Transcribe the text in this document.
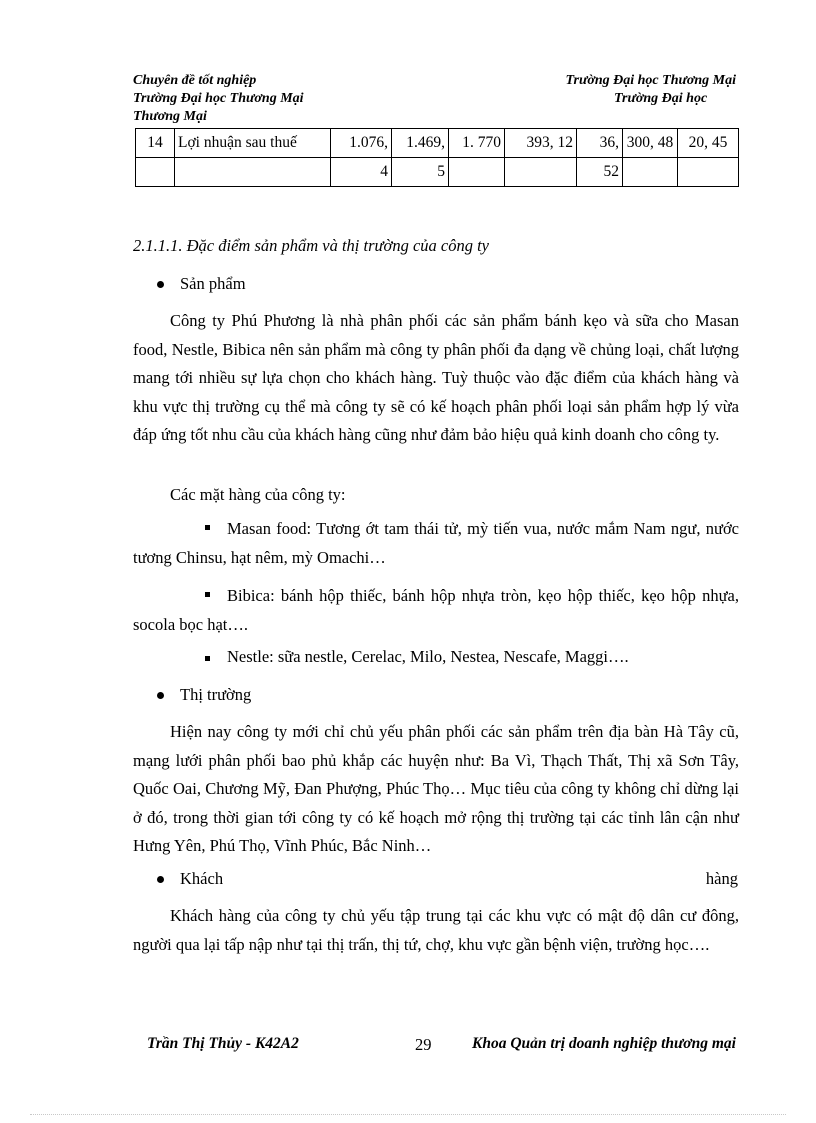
Chuyên đề tốt nghiệp
Trường Đại học Thương Mại
Thương Mại
Trường Đại học Thương Mại
Trường Đại học
14	Lợi nhuận sau thuế	1.076,	1.469,	1. 770	393, 12	36,	300, 48	20, 45
		4	5			52		
2.1.1.1. Đặc điểm sản phẩm và thị trường của công ty
Sản phẩm
Công ty Phú Phương là nhà phân phối các sản phẩm bánh kẹo và sữa cho Masan food, Nestle, Bibica nên sản phẩm mà công ty phân phối đa dạng về chủng loại, chất lượng mang tới nhiều sự lựa chọn cho khách hàng. Tuỳ thuộc vào đặc điểm của khách hàng và khu vực thị trường cụ thể mà công ty sẽ có kế hoạch phân phối loại sản phẩm hợp lý vừa đáp ứng tốt nhu cầu của khách hàng cũng như đảm bảo hiệu quả kinh doanh cho công ty.
Các mặt hàng của công ty:
Masan food: Tương ớt tam thái tử, mỳ tiến vua, nước mắm Nam ngư, nước tương Chinsu, hạt nêm, mỳ Omachi…
Bibica: bánh hộp thiếc, bánh hộp nhựa tròn, kẹo hộp thiếc, kẹo hộp nhựa, socola bọc hạt….
Nestle: sữa nestle, Cerelac, Milo, Nestea, Nescafe, Maggi….
Thị trường
Hiện nay công ty mới chỉ chủ yếu phân phối các sản phẩm trên địa bàn Hà Tây cũ, mạng lưới phân phối bao phủ khắp các huyện như: Ba Vì, Thạch Thất, Thị xã Sơn Tây, Quốc Oai, Chương Mỹ, Đan Phượng, Phúc Thọ… Mục tiêu của công ty không chỉ dừng lại ở đó, trong thời gian tới công ty có kế hoạch mở rộng thị trường tại các tỉnh lân cận như Hưng Yên, Phú Thọ, Vĩnh Phúc, Bắc Ninh…
Khách	hàng
Khách hàng của công ty chủ yếu tập trung tại các khu vực có mật độ dân cư đông, người qua lại tấp nập như tại thị trấn, thị tứ, chợ, khu vực gần bệnh viện, trường học….
Trần Thị Thủy - K42A2	29	Khoa Quản trị doanh nghiệp thương mại
